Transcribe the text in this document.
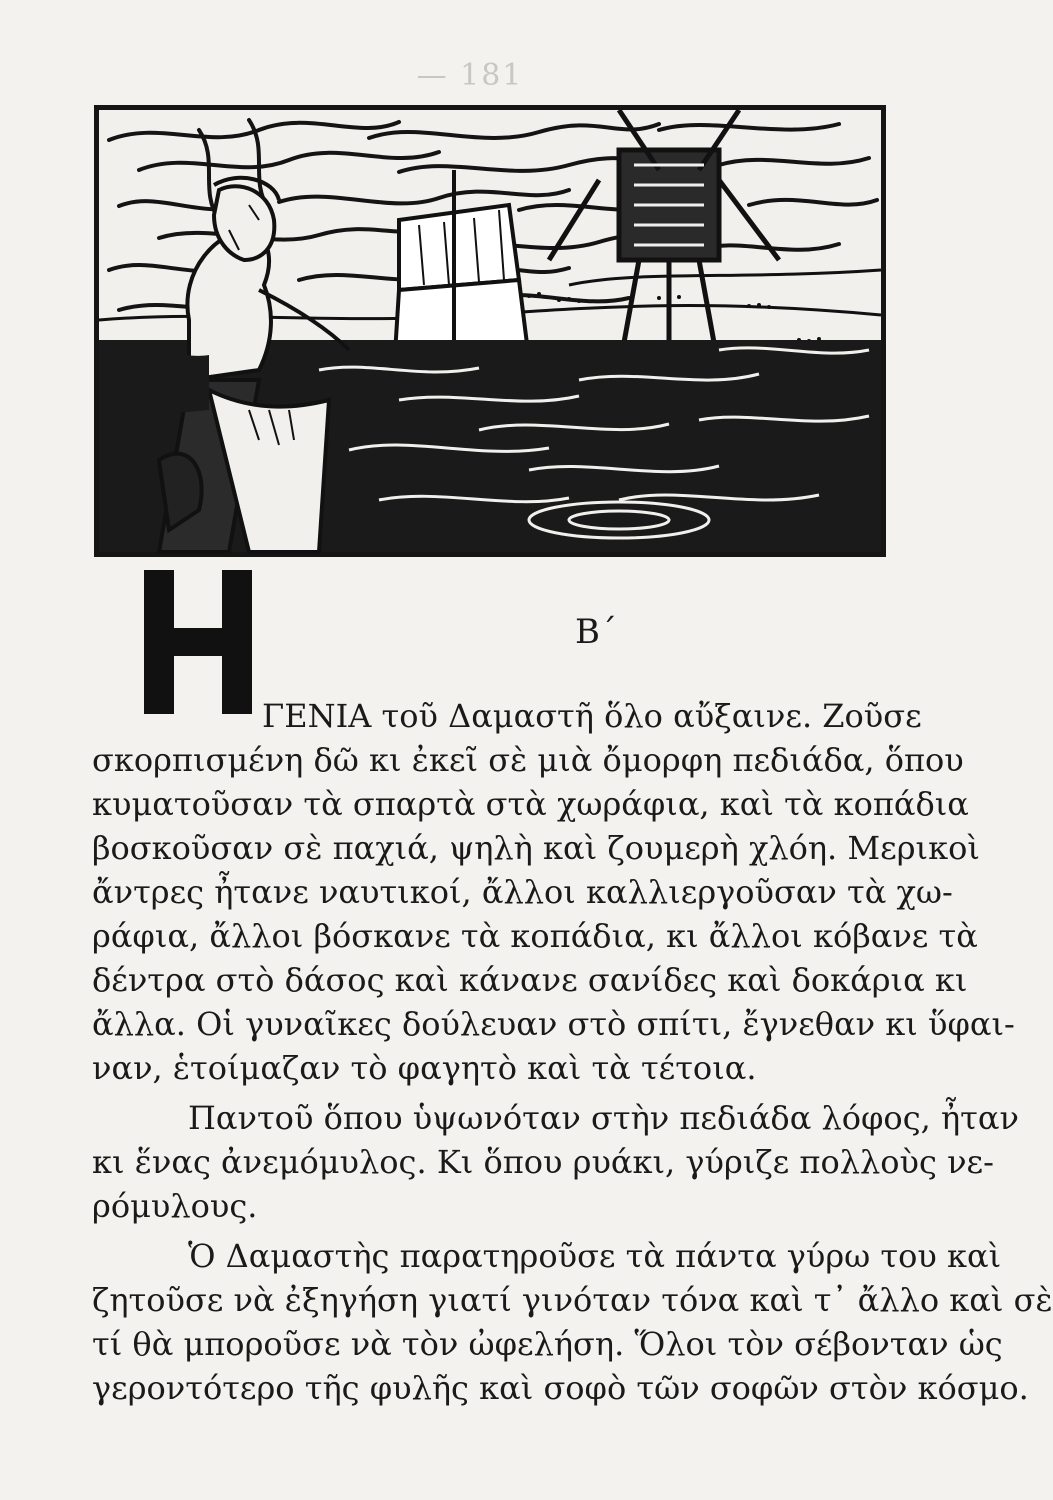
— 181
Β΄
ΓΕΝΙΑ τοῦ Δαμαστῆ ὅλο αὔξαινε. Ζοῦσε
σκορπισμένη δῶ κι ἐκεῖ σὲ μιὰ ὄμορφη πεδιάδα, ὅπου
κυματοῦσαν τὰ σπαρτὰ στὰ χωράφια, καὶ τὰ κοπάδια
βοσκοῦσαν σὲ παχιά, ψηλὴ καὶ ζουμερὴ χλόη. Μερικοὶ
ἄντρες ἦτανε ναυτικοί, ἄλλοι καλλιεργοῦσαν τὰ χω-
ράφια, ἄλλοι βόσκανε τὰ κοπάδια, κι ἄλλοι κόβανε τὰ
δέντρα στὸ δάσος καὶ κάνανε σανίδες καὶ δοκάρια κι
ἄλλα. Οἱ γυναῖκες δούλευαν στὸ σπίτι, ἔγνεθαν κι ὕφαι-
ναν, ἑτοίμαζαν τὸ φαγητὸ καὶ τὰ τέτοια.
Παντοῦ ὅπου ὑψωνόταν στὴν πεδιάδα λόφος, ἦταν
κι ἕνας ἀνεμόμυλος. Κι ὅπου ρυάκι, γύριζε πολλοὺς νε-
ρόμυλους.
Ὁ Δαμαστὴς παρατηροῦσε τὰ πάντα γύρω του καὶ
ζητοῦσε νὰ ἐξηγήση γιατί γινόταν τόνα καὶ τ᾿ ἄλλο καὶ σὲ
τί θὰ μποροῦσε νὰ τὸν ὠφελήση. Ὅλοι τὸν σέβονταν ὡς
γεροντότερο τῆς φυλῆς καὶ σοφὸ τῶν σοφῶν στὸν κόσμο.
